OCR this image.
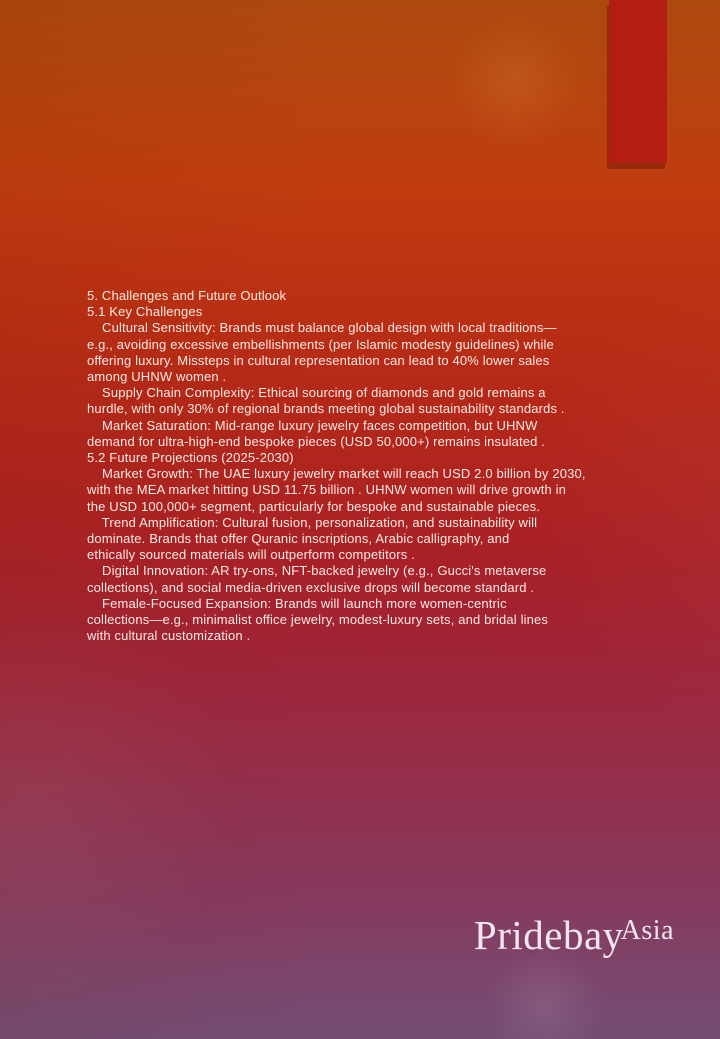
5. Challenges and Future Outlook
5.1 Key Challenges
Cultural Sensitivity: Brands must balance global design with local traditions—
e.g., avoiding excessive embellishments (per Islamic modesty guidelines) while
offering luxury. Missteps in cultural representation can lead to 40% lower sales
among UHNW women .
Supply Chain Complexity: Ethical sourcing of diamonds and gold remains a
hurdle, with only 30% of regional brands meeting global sustainability standards .
Market Saturation: Mid-range luxury jewelry faces competition, but UHNW
demand for ultra-high-end bespoke pieces (USD 50,000+) remains insulated .
5.2 Future Projections (2025-2030)
Market Growth: The UAE luxury jewelry market will reach USD 2.0 billion by 2030,
with the MEA market hitting USD 11.75 billion . UHNW women will drive growth in
the USD 100,000+ segment, particularly for bespoke and sustainable pieces.
Trend Amplification: Cultural fusion, personalization, and sustainability will
dominate. Brands that offer Quranic inscriptions, Arabic calligraphy, and
ethically sourced materials will outperform competitors .
Digital Innovation: AR try-ons, NFT-backed jewelry (e.g., Gucci's metaverse
collections), and social media-driven exclusive drops will become standard .
Female-Focused Expansion: Brands will launch more women-centric
collections—e.g., minimalist office jewelry, modest-luxury sets, and bridal lines
with cultural customization .
Pridebay
Asia
